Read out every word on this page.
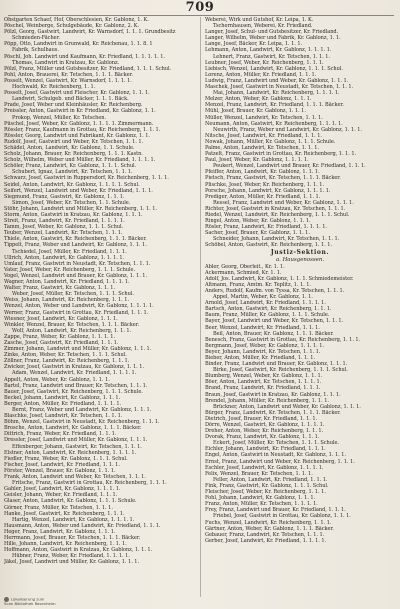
709
Obstgarten Schaef, Hof, Oberschlesien, Kr. Gablonz, 1. K.
Pöschel, Weinberge, Schulgebäude, Kr. Gablonz, 2. K.
Pölzl, Georg, Gastwirt, Landwirt, Kr. Warnsdorf, 1. 1. 1. Grundbesitz
Schmieden-Fächer.
Pöpp, Otto, Landwirt in Grunwald, Kr. Reichenau, 1. 1. 8. 1
Fabrik, Schulhaus.
Pöschl, Joh. Landwirt und Kaufmann, Kr. Friedland, 1. 1. 1. 1. 1.
Thomas, Landwirt in Kratzau, Kr. Gablonz.
Pölzl, Franz, Müller und Gutsbesitzer, Kr. Friedland, 1. 1. 1. Schul.
Pohl, Anton, Brauerei, Kr. Tetschen, 1. 1. 1. Bäcker.
Posselt, Wenzel, Gastwirt, Kr. Warnsdorf, 1. 1. 1. 1.
Hochwald, Kr. Reichenberg, 1. 1.
Posselt, Josef, Gastwirt und Fleischer, Kr. Gablonz, 1. 1. 1.
Landwirt, Schulgeb. und Bäcker, 1. 1. 1. Bäck.
Prade, Josef, Weber und Kleinhäusler, Kr. Reichenberg.
Preissler, Anton, Gastwirt in Kr. Friedland, Kr. Gablonz, 1. 1.
Prokop, Wenzel, Müller, Kr. Tetschen.
Püschel, Josef, Weber, Kr. Gablonz, 1. 1. 1. 1. Zimmermann.
Rössler, Franz, Kaufmann in Grottau, Kr. Reichenberg, 1. 1. 1.
Rössler, Georg, Landwirt und Fabrikant, Kr. Gablonz, 1. 1.
Rudolf, Josef, Gastwirt und Weber, Kr. Tetschen, 1. 1. 1.
Schädel, Anton, Landwirt, Kr. Gablonz, 1. 1. Schule.
Scholz, Johann, Brauer, Kr. Reichenberg, 1. 1. 1. Kastn.
Scholz, Wilhelm, Weber und Müller, Kr. Friedland, 1. 1. 1. 1.
Schöler, Franz, Landwirt, Kr. Gablonz, 1. 1. 1. Schul.
Schubert, Ignaz, Landwirt, Kr. Tetschen, 1. 1. 1.
Schwarz, Josef, Gastwirt in Ruppersdorf, Kr. Reichenberg, 1. 1. 1.
Seidel, Anton, Landwirt, Kr. Gablonz, 1. 1. 1. 1. Schul.
Seifert, Wenzel, Landwirt und Weber, Kr. Friedland, 1. 1. 1.
Siegmund, Franz, Gastwirt, Kr. Gablonz, 1. 1. 1.
Simon, Josef, Weber, Kr. Tetschen, 1. 1. Schule.
Stöhr, Johann, Landwirt und Müller, Kr. Reichenberg, 1. 1. 1.
Storm, Anton, Gastwirt in Kratzau, Kr. Gablonz, 1. 1. 1.
Streit, Franz, Landwirt, Kr. Friedland, 1. 1. 1. 1.
Tamm, Josef, Weber, Kr. Gablonz, 1. 1. 1. Schul.
Teuber, Wenzel, Landwirt, Kr. Tetschen, 1. 1. 1.
Thiele, Anton, Gastwirt, Kr. Reichenberg, 1. 1. 1. Bäcker.
Tippelt, Franz, Weber und Landwirt, Kr. Gablonz, 1. 1. 1.
Tschiedel, Josef, Müller, Kr. Friedland, 1. 1. 1.
Ullrich, Anton, Landwirt, Kr. Gablonz, 1. 1. 1. 1.
Umlauf, Franz, Gastwirt in Neustadt, Kr. Tetschen, 1. 1. 1.
Vater, Josef, Weber, Kr. Reichenberg, 1. 1. 1. Schule.
Vogel, Wenzel, Landwirt und Brauer, Kr. Gablonz, 1. 1. 1.
Wagner, Anton, Landwirt, Kr. Friedland, 1. 1. 1. 1.
Walter, Franz, Gastwirt, Kr. Gablonz, 1. 1. 1.
Weber, Josef, Müller, Kr. Tetschen, 1. 1. 1. Schul.
Weiss, Johann, Landwirt, Kr. Reichenberg, 1. 1. 1.
Wenzel, Anton, Weber und Landwirt, Kr. Gablonz, 1. 1. 1. 1.
Werner, Franz, Gastwirt in Grottau, Kr. Friedland, 1. 1. 1.
Wiesner, Josef, Landwirt, Kr. Gablonz, 1. 1. 1.
Winkler, Wenzel, Brauer, Kr. Tetschen, 1. 1. 1. Bäcker.
Wolf, Anton, Landwirt, Kr. Reichenberg, 1. 1. 1.
Zappe, Franz, Weber, Kr. Gablonz, 1. 1. 1. 1.
Zasche, Josef, Gastwirt, Kr. Friedland, 1. 1. 1.
Zimmer, Johann, Landwirt und Müller, Kr. Gablonz, 1. 1. 1.
Zinke, Anton, Weber, Kr. Tetschen, 1. 1. 1. Schul.
Zöllner, Franz, Landwirt, Kr. Reichenberg, 1. 1. 1.
Zwicker, Josef, Gastwirt in Kratzau, Kr. Gablonz, 1. 1. 1.
Adam, Wenzel, Landwirt, Kr. Friedland, 1. 1. 1. 1.
Appelt, Anton, Weber, Kr. Gablonz, 1. 1. 1.
Bartel, Franz, Landwirt und Brauer, Kr. Tetschen, 1. 1. 1.
Bauer, Josef, Gastwirt, Kr. Reichenberg, 1. 1. 1. Schule.
Beckel, Johann, Landwirt, Kr. Gablonz, 1. 1. 1.
Berger, Anton, Müller, Kr. Friedland, 1. 1. 1. 1.
Bernt, Franz, Weber und Landwirt, Kr. Gablonz, 1. 1. 1.
Blaschke, Josef, Landwirt, Kr. Tetschen, 1. 1. 1.
Böhm, Wenzel, Gastwirt in Neustadt, Kr. Reichenberg, 1. 1. 1.
Brosche, Anton, Landwirt, Kr. Gablonz, 1. 1. 1. Bäcker.
Dittrich, Franz, Weber, Kr. Friedland, 1. 1. 1.
Dressler, Josef, Landwirt und Müller, Kr. Gablonz, 1. 1. 1.
Effenberger, Johann, Gastwirt, Kr. Tetschen, 1. 1. 1.
Elstner, Anton, Landwirt, Kr. Reichenberg, 1. 1. 1. 1.
Fiedler, Franz, Weber, Kr. Gablonz, 1. 1. 1. Schul.
Fischer, Josef, Landwirt, Kr. Friedland, 1. 1. 1.
Förster, Wenzel, Brauer, Kr. Gablonz, 1. 1. 1.
Frank, Anton, Landwirt und Weber, Kr. Tetschen, 1. 1. 1.
Fritsche, Franz, Gastwirt in Grottau, Kr. Reichenberg, 1. 1. 1.
Gahler, Josef, Landwirt, Kr. Gablonz, 1. 1. 1. 1.
Geisler, Johann, Weber, Kr. Friedland, 1. 1. 1.
Glaser, Anton, Landwirt, Kr. Gablonz, 1. 1. 1. Schule.
Görner, Franz, Müller, Kr. Tetschen, 1. 1. 1.
Hanke, Josef, Gastwirt, Kr. Reichenberg, 1. 1. 1.
Hartig, Wenzel, Landwirt, Kr. Gablonz, 1. 1. 1. 1.
Hausmann, Anton, Weber und Landwirt, Kr. Friedland, 1. 1. 1.
Heger, Franz, Landwirt, Kr. Gablonz, 1. 1. 1.
Herrmann, Josef, Brauer, Kr. Tetschen, 1. 1. 1. Bäcker.
Hille, Johann, Landwirt, Kr. Reichenberg, 1. 1. 1.
Hoffmann, Anton, Gastwirt in Kratzau, Kr. Gablonz, 1. 1. 1.
Hübner, Franz, Weber, Kr. Friedland, 1. 1. 1. 1.
Jäkel, Josef, Landwirt und Müller, Kr. Gablonz, 1. 1. 1.
Weberei, Wirk und Gutshof, Kr. Leipa, 1. K.
Tschernhausen, Weberei, Kr. Friedland.
Langer, Josef, Schul- und Gutsbesitzer, Kr. Friedland.
Langer, Wilhelm, Weber und Fabrik, Kr. Gablonz, 1. 1.
Lange, Josef, Bäcker, Kr. Leipa, 1. 1. 1.
Lehmann, Anton, Landwirt, Kr. Gablonz, 1. 1. 1. 1.
Lehnert, Franz, Gastwirt, Kr. Tetschen, 1. 1. 1.
Leubner, Josef, Weber, Kr. Reichenberg, 1. 1. 1.
Liebisch, Wenzel, Landwirt, Kr. Gablonz, 1. 1. 1. Schul.
Lorenz, Anton, Müller, Kr. Friedland, 1. 1. 1.
Ludwig, Franz, Landwirt und Weber, Kr. Gablonz, 1. 1. 1.
Maschek, Josef, Gastwirt in Neustadt, Kr. Tetschen, 1. 1. 1.
Mai, Johann, Landwirt, Kr. Reichenberg, 1. 1. 1. 1.
Melzer, Anton, Weber, Kr. Gablonz, 1. 1. 1.
Menzel, Franz, Landwirt, Kr. Friedland, 1. 1. 1. Bäcker.
Mühl, Josef, Brauer, Kr. Gablonz, 1. 1. 1.
Müller, Wenzel, Landwirt, Kr. Tetschen, 1. 1. 1.
Neumann, Anton, Gastwirt, Kr. Reichenberg, 1. 1. 1. 1.
Neuwirth, Franz, Weber und Landwirt, Kr. Gablonz, 1. 1. 1.
Nitsche, Josef, Landwirt, Kr. Friedland, 1. 1. 1.
Nowak, Johann, Müller, Kr. Gablonz, 1. 1. 1. Schule.
Palme, Anton, Landwirt, Kr. Tetschen, 1. 1. 1.
Patzelt, Franz, Gastwirt in Grottau, Kr. Reichenberg, 1. 1. 1.
Paul, Josef, Weber, Kr. Gablonz, 1. 1. 1. 1.
Peukert, Wenzel, Landwirt und Brauer, Kr. Friedland, 1. 1. 1.
Pfeiffer, Anton, Landwirt, Kr. Gablonz, 1. 1. 1.
Pietsch, Franz, Gastwirt, Kr. Tetschen, 1. 1. 1. Bäcker.
Plischke, Josef, Weber, Kr. Reichenberg, 1. 1. 1.
Porsche, Johann, Landwirt, Kr. Gablonz, 1. 1. 1. 1.
Prediger, Anton, Müller, Kr. Friedland, 1. 1. 1.
Ressel, Franz, Landwirt und Weber, Kr. Gablonz, 1. 1. 1.
Richter, Josef, Gastwirt in Kratzau, Kr. Tetschen, 1. 1. 1.
Riedel, Wenzel, Landwirt, Kr. Reichenberg, 1. 1. 1. Schul.
Ringel, Anton, Weber, Kr. Gablonz, 1. 1. 1.
Rösler, Franz, Landwirt, Kr. Friedland, 1. 1. 1. 1.
Sacher, Josef, Brauer, Kr. Gablonz, 1. 1. 1.
Schneider, Johann, Landwirt, Kr. Tetschen, 1. 1. 1.
Schöbel, Anton, Gastwirt, Kr. Reichenberg, 1. 1. 1.
Justiz-Sektion.
a. Hausgenossen.
Abler, Georg, Oberleit., Kr. 1. 1.
Ackermann, Schmied, Kr. 1. 1.
Adolf, Jos. Landwirt, Kr. Gablonz, 1. 1. 1. Schmiedemeister.
Altmann, Franz, Amtm. Kr. Teplitz, 1. 1. 1.
Anders, Rudolf, Kaufm. von Tyssa, Kr. Tetschen, 1. 1. 1.
Appel, Martin, Weber, Kr. Gablonz, 1. 1.
Arnold, Josef, Landwirt, Kr. Friedland, 1. 1. 1. 1.
Bartsch, Anton, Gastwirt, Kr. Reichenberg, 1. 1. 1.
Baum, Franz, Müller, Kr. Gablonz, 1. 1. 1. Schule.
Bayer, Josef, Landwirt und Weber, Kr. Tetschen, 1. 1. 1.
Beer, Wenzel, Landwirt, Kr. Friedland, 1. 1. 1.
Beil, Anton, Brauer, Kr. Gablonz, 1. 1. 1. Bäcker.
Benesch, Franz, Gastwirt in Grottau, Kr. Reichenberg, 1. 1. 1.
Bergmann, Josef, Weber, Kr. Gablonz, 1. 1. 1. 1.
Beyer, Johann, Landwirt, Kr. Tetschen, 1. 1. 1.
Bieber, Anton, Müller, Kr. Friedland, 1. 1. 1.
Binder, Franz, Landwirt und Brauer, Kr. Gablonz, 1. 1. 1.
Birke, Josef, Gastwirt, Kr. Reichenberg, 1. 1. 1. Schul.
Blumberg, Wenzel, Weber, Kr. Gablonz, 1. 1. 1.
Böer, Anton, Landwirt, Kr. Tetschen, 1. 1. 1. 1.
Brand, Franz, Landwirt, Kr. Friedland, 1. 1. 1.
Braun, Josef, Gastwirt in Kratzau, Kr. Gablonz, 1. 1. 1.
Brendel, Johann, Müller, Kr. Reichenberg, 1. 1. 1.
Brückner, Anton, Landwirt und Weber, Kr. Gablonz, 1. 1. 1.
Bürger, Franz, Landwirt, Kr. Tetschen, 1. 1. 1. Bäcker.
Dietrich, Josef, Brauer, Kr. Friedland, 1. 1. 1.
Dörre, Wenzel, Gastwirt, Kr. Gablonz, 1. 1. 1. 1.
Dreher, Anton, Weber, Kr. Reichenberg, 1. 1. 1.
Dvorak, Franz, Landwirt, Kr. Gablonz, 1. 1. 1.
Eckert, Josef, Müller, Kr. Tetschen, 1. 1. 1. Schule.
Eichler, Johann, Landwirt, Kr. Friedland, 1. 1. 1.
Engel, Anton, Gastwirt in Neustadt, Kr. Gablonz, 1. 1. 1.
Ernst, Franz, Landwirt und Weber, Kr. Reichenberg, 1. 1. 1.
Eschler, Josef, Landwirt, Kr. Gablonz, 1. 1. 1. 1.
Felix, Wenzel, Brauer, Kr. Tetschen, 1. 1. 1.
Feller, Anton, Landwirt, Kr. Friedland, 1. 1. 1.
Fink, Franz, Gastwirt, Kr. Gablonz, 1. 1. 1. Schul.
Fleischer, Josef, Weber, Kr. Reichenberg, 1. 1. 1.
Fohl, Johann, Landwirt, Kr. Gablonz, 1. 1. 1.
Franz, Anton, Müller, Kr. Tetschen, 1. 1. 1. 1.
Frey, Franz, Landwirt und Brauer, Kr. Friedland, 1. 1. 1.
Friebel, Josef, Gastwirt in Grottau, Kr. Gablonz, 1. 1. 1.
Fuchs, Wenzel, Landwirt, Kr. Reichenberg, 1. 1. 1.
Gärtner, Anton, Weber, Kr. Gablonz, 1. 1. 1. Bäcker.
Gebauer, Franz, Landwirt, Kr. Tetschen, 1. 1. 1.
Gerber, Josef, Landwirt, Kr. Friedland, 1. 1. 1. 1.
Lokaliserung zum
Scan Bibliothek Rosenheim
